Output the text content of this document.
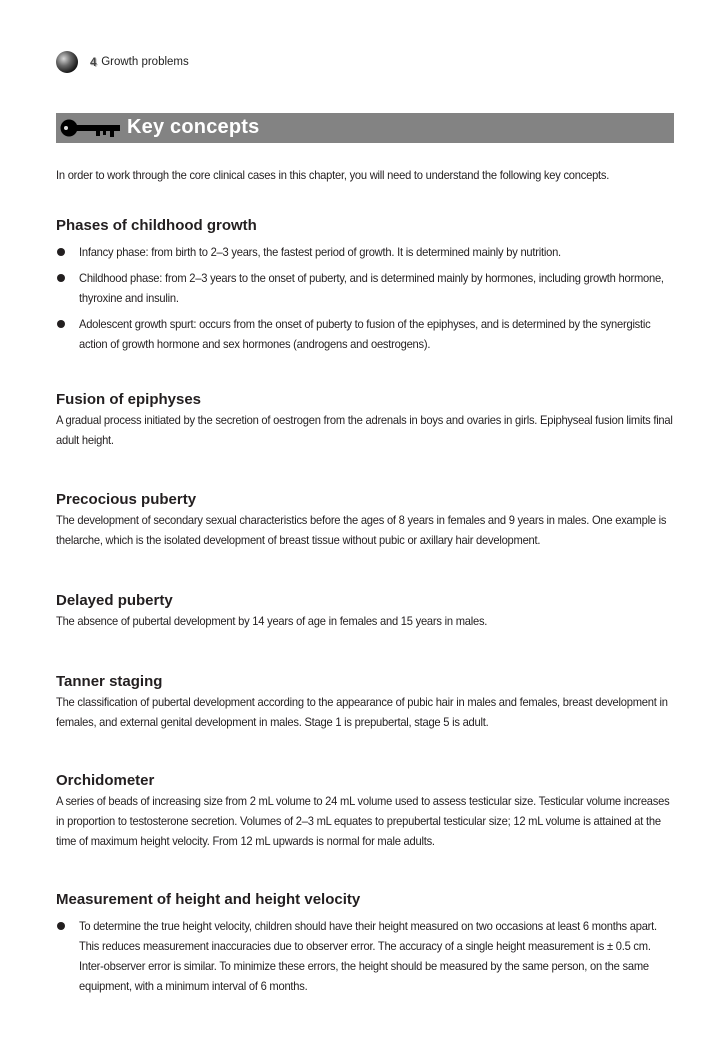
4 Growth problems
Key concepts

In order to work through the core clinical cases in this chapter, you will need to understand the following key concepts.

Phases of childhood growth
Infancy phase: from birth to 2–3 years, the fastest period of growth. It is determined mainly by nutrition.
Childhood phase: from 2–3 years to the onset of puberty, and is determined mainly by hormones, including growth hormone, thyroxine and insulin.
Adolescent growth spurt: occurs from the onset of puberty to fusion of the epiphyses, and is determined by the synergistic action of growth hormone and sex hormones (androgens and oestrogens).
Fusion of epiphyses

A gradual process initiated by the secretion of oestrogen from the adrenals in boys and ovaries in girls. Epiphyseal fusion limits final adult height.

Precocious puberty

The development of secondary sexual characteristics before the ages of 8 years in females and 9 years in males. One example is thelarche, which is the isolated development of breast tissue without pubic or axillary hair development.

Delayed puberty

The absence of pubertal development by 14 years of age in females and 15 years in males.

Tanner staging

The classification of pubertal development according to the appearance of pubic hair in males and females, breast development in females, and external genital development in males. Stage 1 is prepubertal, stage 5 is adult.

Orchidometer

A series of beads of increasing size from 2 mL volume to 24 mL volume used to assess testicular size. Testicular volume increases in proportion to testosterone secretion. Volumes of 2–3 mL equates to prepubertal testicular size; 12 mL volume is attained at the time of maximum height velocity. From 12 mL upwards is normal for male adults.

Measurement of height and height velocity
To determine the true height velocity, children should have their height measured on two occasions at least 6 months apart. This reduces measurement inaccuracies due to observer error. The accuracy of a single height measurement is ± 0.5 cm. Inter-observer error is similar. To minimize these errors, the height should be measured by the same person, on the same equipment, with a minimum interval of 6 months.
